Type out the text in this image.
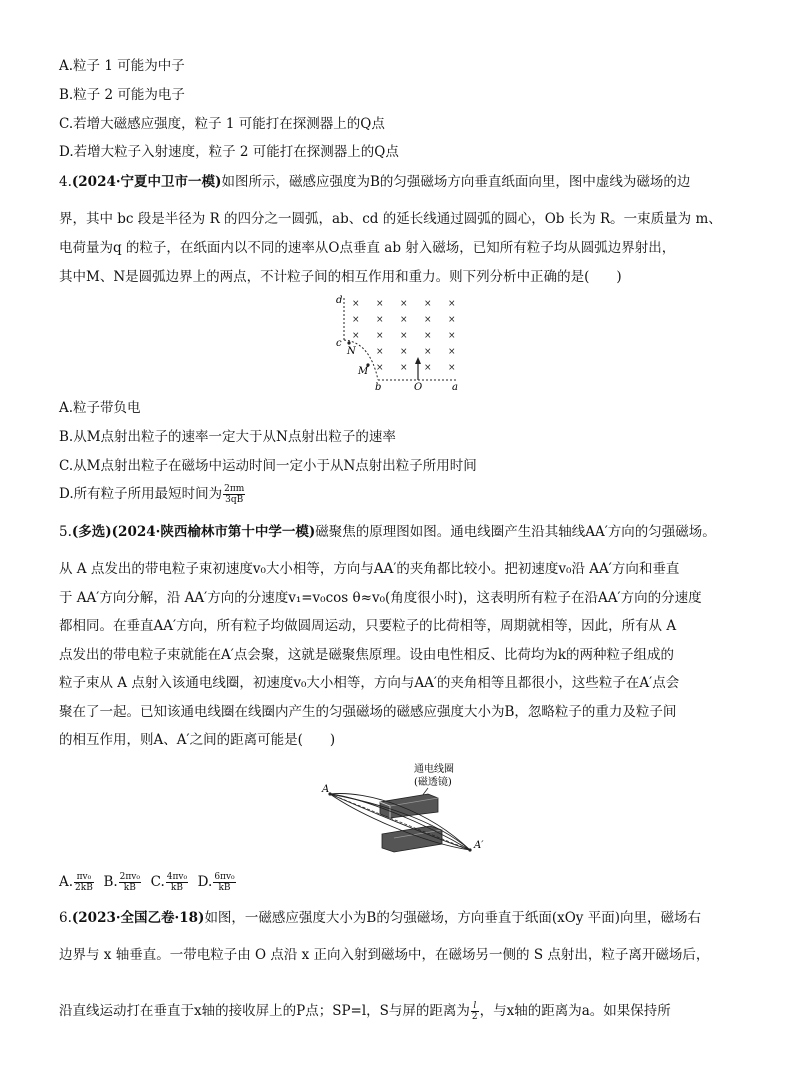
A.粒子 1 可能为中子
B.粒子 2 可能为电子
C.若增大磁感应强度，粒子 1 可能打在探测器上的Q点
D.若增大粒子入射速度，粒子 2 可能打在探测器上的Q点
4.(2024·宁夏中卫市一模)如图所示，磁感应强度为B的匀强磁场方向垂直纸面向里，图中虚线为磁场的边
界，其中 bc 段是半径为 R 的四分之一圆弧，ab、cd 的延长线通过圆弧的圆心，Ob 长为 R。一束质量为 m、
电荷量为q 的粒子，在纸面内以不同的速率从O点垂直 ab 射入磁场，已知所有粒子均从圆弧边界射出，
其中M、N是圆弧边界上的两点，不计粒子间的相互作用和重力。则下列分析中正确的是(　　)
× × × × ×
× × × × ×
× × × × ×
× × × ×
× × × ×
d
c
N
M
b	O	a
A.粒子带负电
B.从M点射出粒子的速率一定大于从N点射出粒子的速率
C.从M点射出粒子在磁场中运动时间一定小于从N点射出粒子所用时间
D.所有粒子所用最短时间为 $\frac{2\pi m}{3qB}$
5.(多选)(2024·陕西榆林市第十中学一模)磁聚焦的原理图如图。通电线圈产生沿其轴线AA′方向的匀强磁场。
从 A 点发出的带电粒子束初速度v₀大小相等，方向与AA′的夹角都比较小。把初速度v₀沿 AA′方向和垂直
于 AA′方向分解，沿 AA′方向的分速度v₁=v₀cos θ≈v₀(角度很小时)，这表明所有粒子在沿AA′方向的分速度
都相同。在垂直AA′方向，所有粒子均做圆周运动，只要粒子的比荷相等，周期就相等，因此，所有从 A
点发出的带电粒子束就能在A′点会聚，这就是磁聚焦原理。设由电性相反、比荷均为k的两种粒子组成的
粒子束从 A 点射入该通电线圈，初速度v₀大小相等，方向与AA′的夹角相等且都很小，这些粒子在A′点会
聚在了一起。已知该通电线圈在线圈内产生的匀强磁场的磁感应强度大小为B，忽略粒子的重力及粒子间
的相互作用，则A、A′之间的距离可能是(　　)
通电线圈
(磁透镜)
A
A′
A. $\frac{\text{πv₀}}{2kB} B$. $\frac{\text{2πv₀}}{kB} C$. $\frac{\text{4πv₀}}{kB} D$. $\frac{\text{6πv₀}}{kB}$
6.(2023·全国乙卷·18)如图，一磁感应强度大小为B的匀强磁场，方向垂直于纸面(xOy 平面)向里，磁场右
边界与 x 轴垂直。一带电粒子由 O 点沿 x 正向入射到磁场中，在磁场另一侧的 S 点射出，粒子离开磁场后，
沿直线运动打在垂直于x轴的接收屏上的P点；SP=l，S与屏的距离为 $\frac{l}{2}$ ，与x轴的距离为a。如果保持所
